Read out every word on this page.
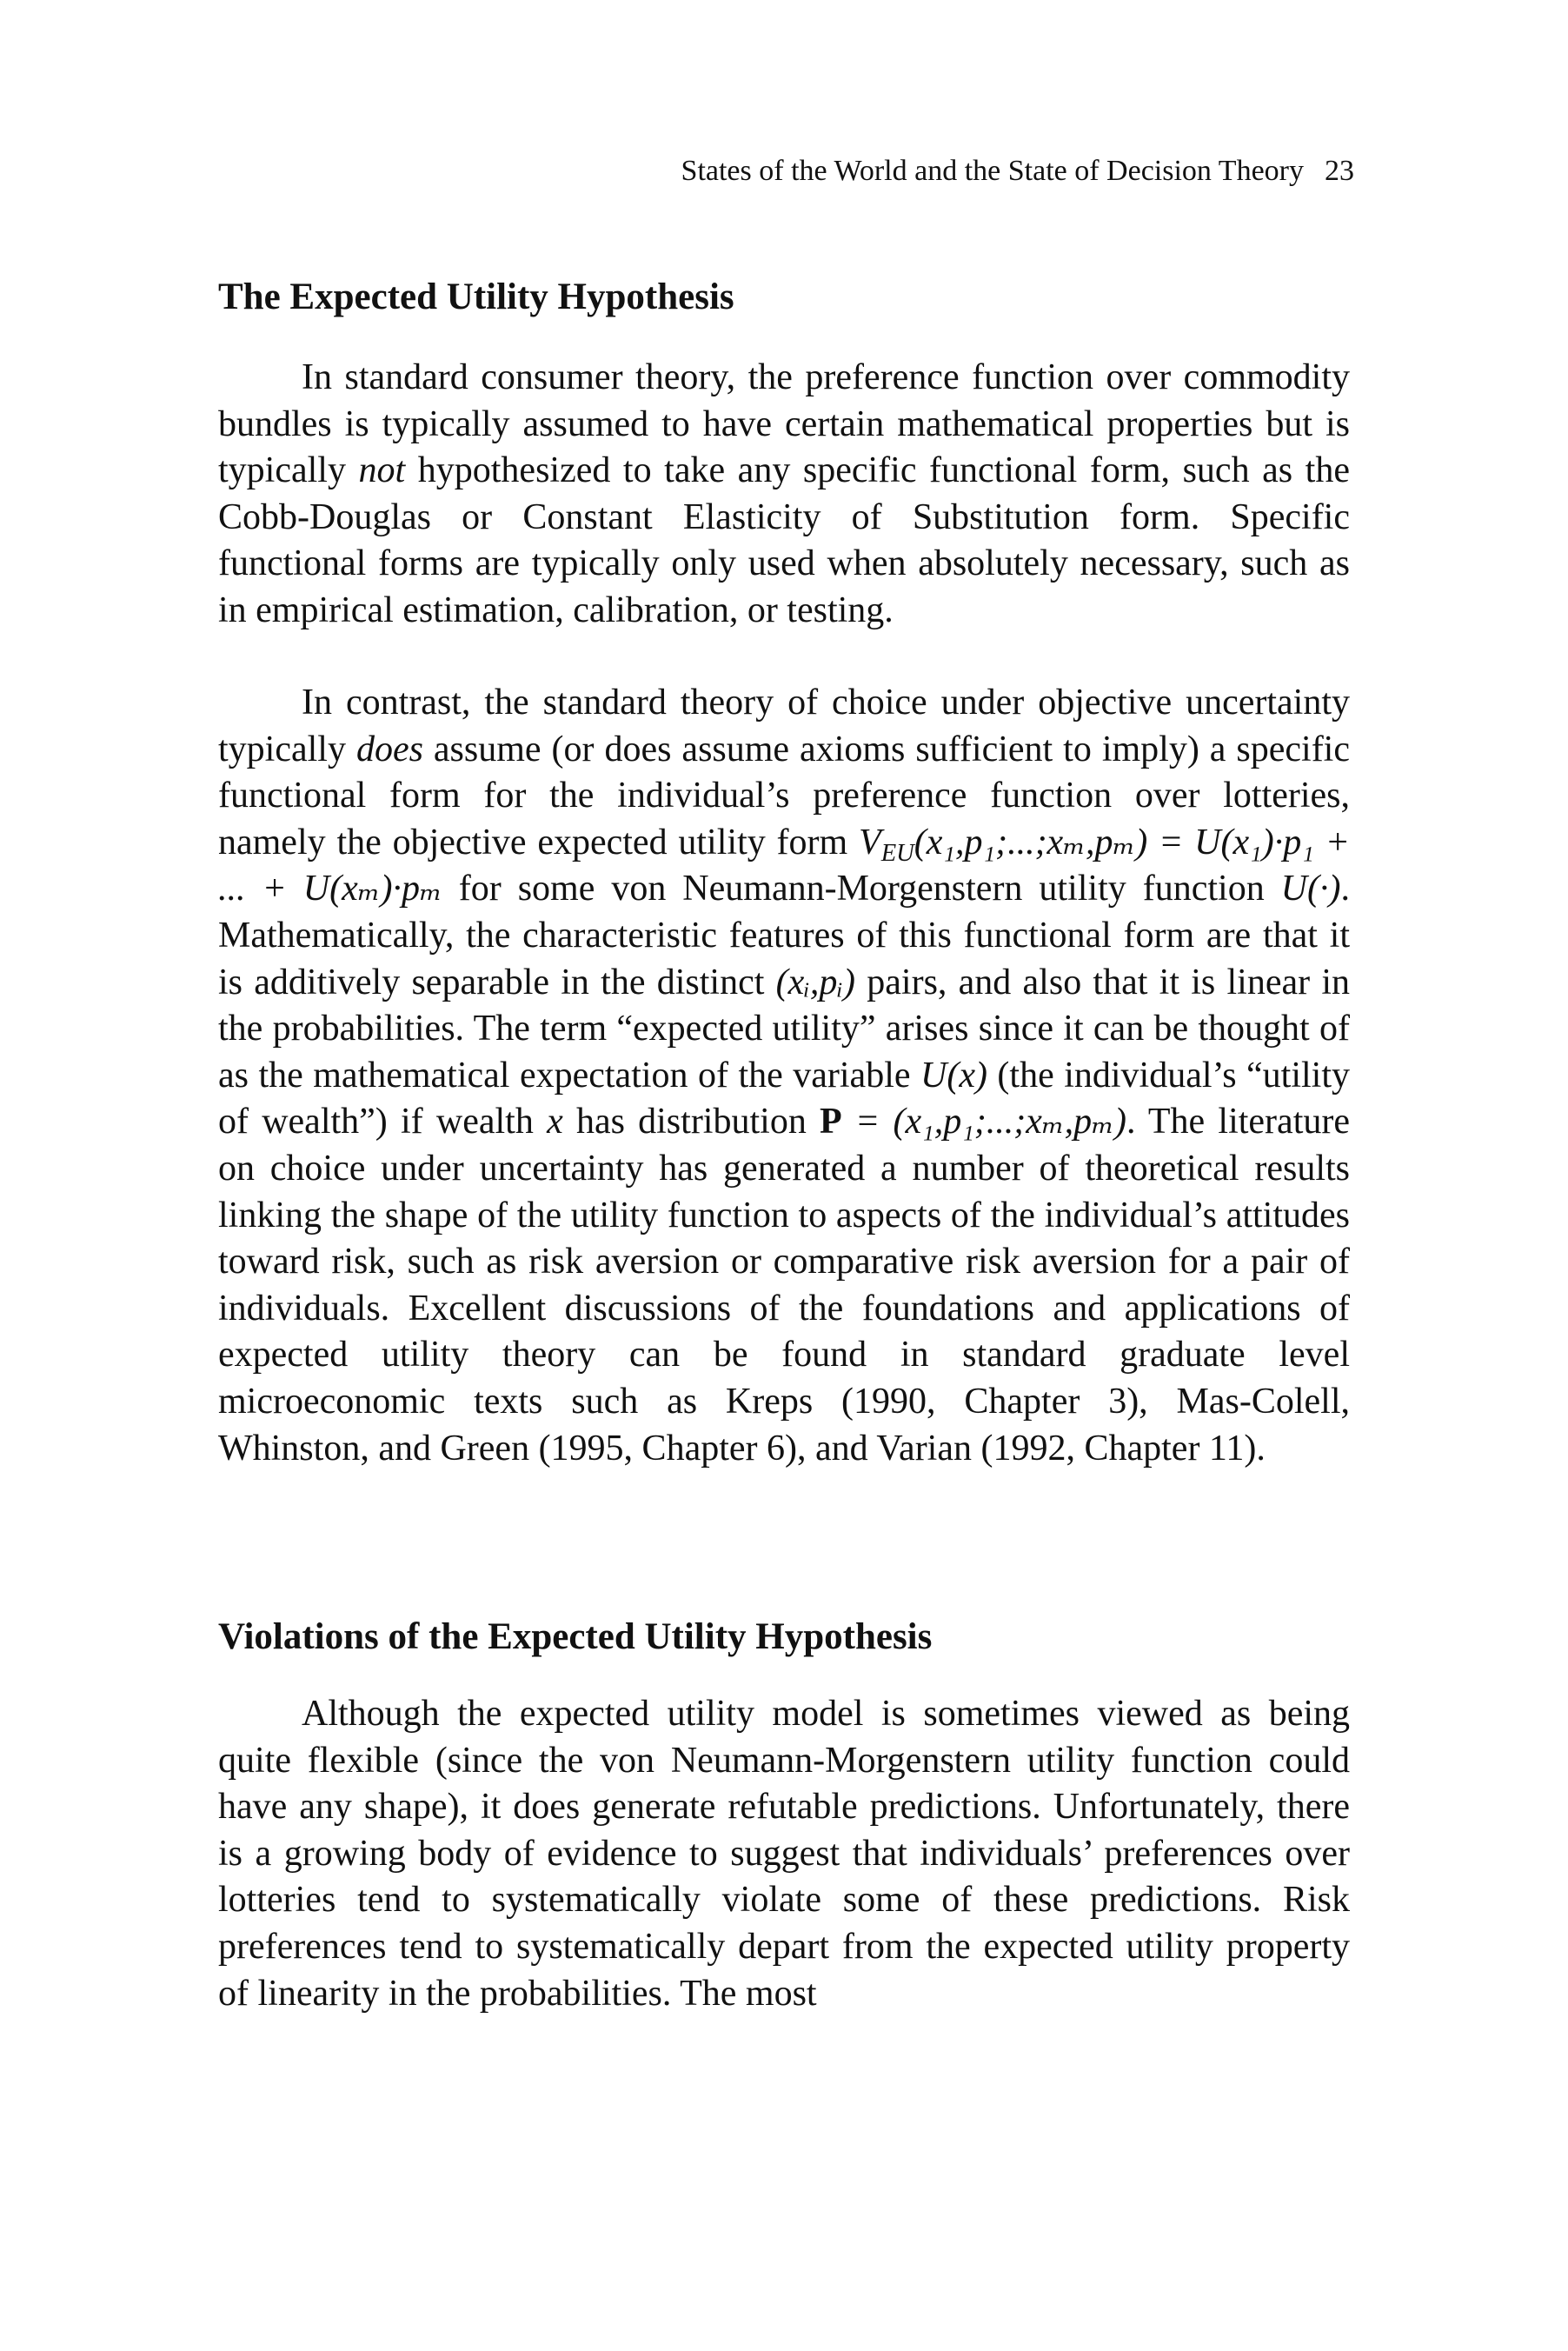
States of the World and the State of Decision Theory 23
The Expected Utility Hypothesis

In standard consumer theory, the preference function over commodity bundles is typically assumed to have certain mathematical properties but is typically not hypothesized to take any specific functional form, such as the Cobb-Douglas or Constant Elasticity of Substitution form. Specific functional forms are typically only used when absolutely necessary, such as in empirical estimation, calibration, or testing.

In contrast, the standard theory of choice under objective uncertainty typically does assume (or does assume axioms sufficient to imply) a specific functional form for the individual’s preference function over lotteries, namely the objective expected utility form $V_{EU}(x_1,p_1;...;x_m,p_m) = U(x_1)\cdot p_1$ + ... + U(xₘ)·pₘ for some von Neumann-Morgenstern utility function U(·). Mathematically, the characteristic features of this functional form are that it is additively separable in the distinct (xᵢ,pᵢ) pairs, and also that it is linear in the probabilities. The term “expected utility” arises since it can be thought of as the mathematical expectation of the variable U(x) (the individual’s “utility of wealth”) if wealth x has distribution P = (x₁,p₁;...;xₘ,pₘ). The literature on choice under uncertainty has generated a number of theoretical results linking the shape of the utility function to aspects of the individual’s attitudes toward risk, such as risk aversion or comparative risk aversion for a pair of individuals. Excellent discussions of the foundations and applications of expected utility theory can be found in standard graduate level microeconomic texts such as Kreps (1990, Chapter 3), Mas-Colell, Whinston, and Green (1995, Chapter 6), and Varian (1992, Chapter 11).

Violations of the Expected Utility Hypothesis

Although the expected utility model is sometimes viewed as being quite flexible (since the von Neumann-Morgenstern utility function could have any shape), it does generate refutable predictions. Unfortunately, there is a growing body of evidence to suggest that individuals’ preferences over lotteries tend to systematically violate some of these predictions. Risk preferences tend to systematically depart from the expected utility property of linearity in the probabilities. The most
